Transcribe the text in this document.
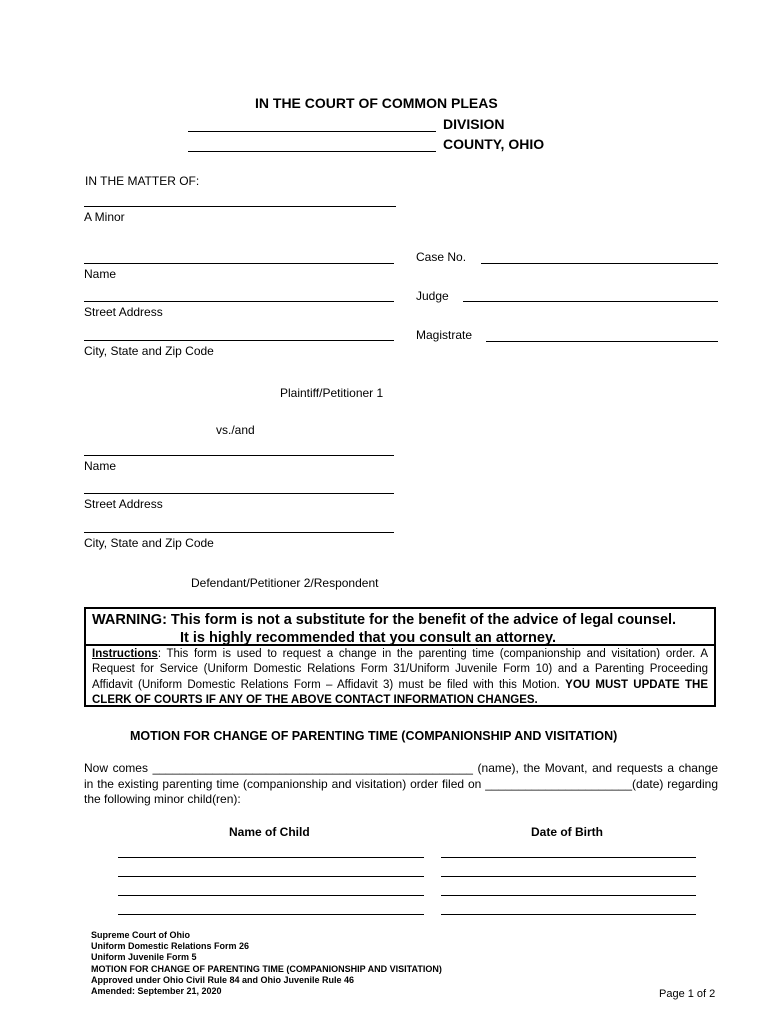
IN THE COURT OF COMMON PLEAS
DIVISION
COUNTY, OHIO
IN THE MATTER OF:
A Minor
Case No.
Judge
Magistrate
Name
Street Address
City, State and Zip Code
Plaintiff/Petitioner 1
vs./and
Name
Street Address
City, State and Zip Code
Defendant/Petitioner 2/Respondent
WARNING: This form is not a substitute for the benefit of the advice of legal counsel.
It is highly recommended that you consult an attorney.
Instructions: This form is used to request a change in the parenting time (companionship and visitation) order. A Request for Service (Uniform Domestic Relations Form 31/Uniform Juvenile Form 10) and a Parenting Proceeding Affidavit (Uniform Domestic Relations Form – Affidavit 3) must be filed with this Motion. YOU MUST UPDATE THE CLERK OF COURTS IF ANY OF THE ABOVE CONTACT INFORMATION CHANGES.
MOTION FOR CHANGE OF PARENTING TIME (COMPANIONSHIP AND VISITATION)
Now comes ________________________________________________ (name), the Movant, and requests a change in the existing parenting time (companionship and visitation) order filed on ______________________(date) regarding the following minor child(ren):
Name of Child	Date of Birth
Supreme Court of Ohio
Uniform Domestic Relations Form 26
Uniform Juvenile Form 5
MOTION FOR CHANGE OF PARENTING TIME (COMPANIONSHIP AND VISITATION)
Approved under Ohio Civil Rule 84 and Ohio Juvenile Rule 46
Amended: September 21, 2020	Page 1 of 2
